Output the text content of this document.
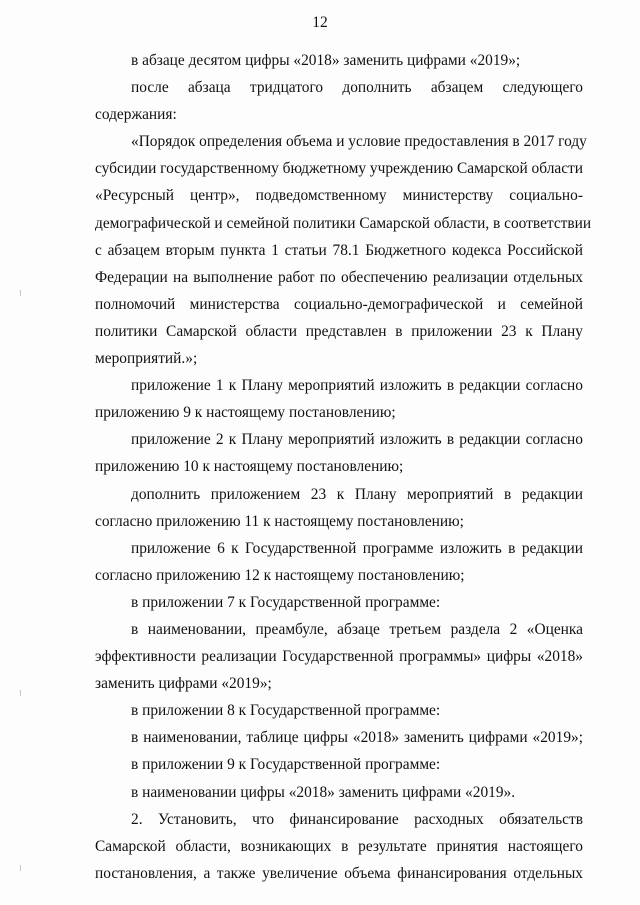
12
в абзаце десятом цифры «2018» заменить цифрами «2019»;
после абзаца тридцатого дополнить абзацем следующего
содержания:
«Порядок определения объема и условие предоставления в 2017 году
субсидии государственному бюджетному учреждению Самарской области
«Ресурсный центр», подведомственному министерству социально-
демографической и семейной политики Самарской области, в соответствии
с абзацем вторым пункта 1 статьи 78.1 Бюджетного кодекса Российской
Федерации на выполнение работ по обеспечению реализации отдельных
полномочий министерства социально-демографической и семейной
политики Самарской области представлен в приложении 23 к Плану
мероприятий.»;
приложение 1 к Плану мероприятий изложить в редакции согласно
приложению 9 к настоящему постановлению;
приложение 2 к Плану мероприятий изложить в редакции согласно
приложению 10 к настоящему постановлению;
дополнить приложением 23 к Плану мероприятий в редакции
согласно приложению 11 к настоящему постановлению;
приложение 6 к Государственной программе изложить в редакции
согласно приложению 12 к настоящему постановлению;
в приложении 7 к Государственной программе:
в наименовании, преамбуле, абзаце третьем раздела 2 «Оценка
эффективности реализации Государственной программы» цифры «2018»
заменить цифрами «2019»;
в приложении 8 к Государственной программе:
в наименовании, таблице цифры «2018» заменить цифрами «2019»;
в приложении 9 к Государственной программе:
в наименовании цифры «2018» заменить цифрами «2019».
2. Установить, что финансирование расходных обязательств
Самарской области, возникающих в результате принятия настоящего
постановления, а также увеличение объема финансирования отдельных
